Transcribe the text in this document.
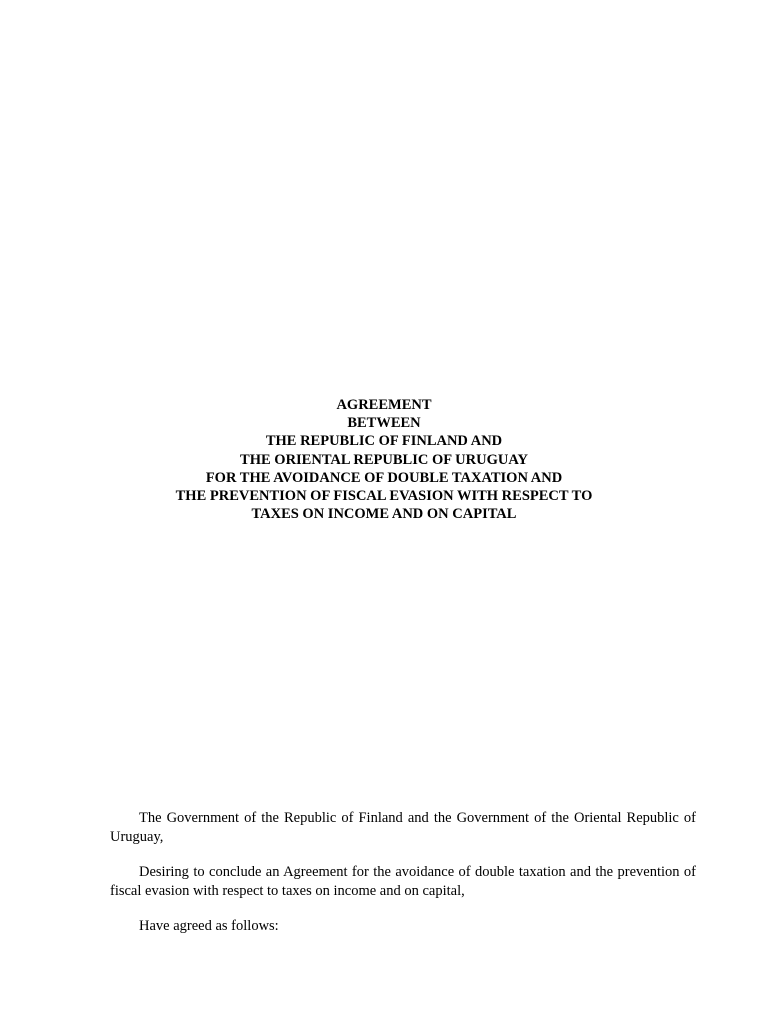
AGREEMENT
BETWEEN
THE REPUBLIC OF FINLAND AND
THE ORIENTAL REPUBLIC OF URUGUAY
FOR THE AVOIDANCE OF DOUBLE TAXATION AND
THE PREVENTION OF FISCAL EVASION WITH RESPECT TO
TAXES ON INCOME AND ON CAPITAL

The Government of the Republic of Finland and the Government of the Oriental Republic of Uruguay,

Desiring to conclude an Agreement for the avoidance of double taxation and the prevention of fiscal evasion with respect to taxes on income and on capital,

Have agreed as follows:
